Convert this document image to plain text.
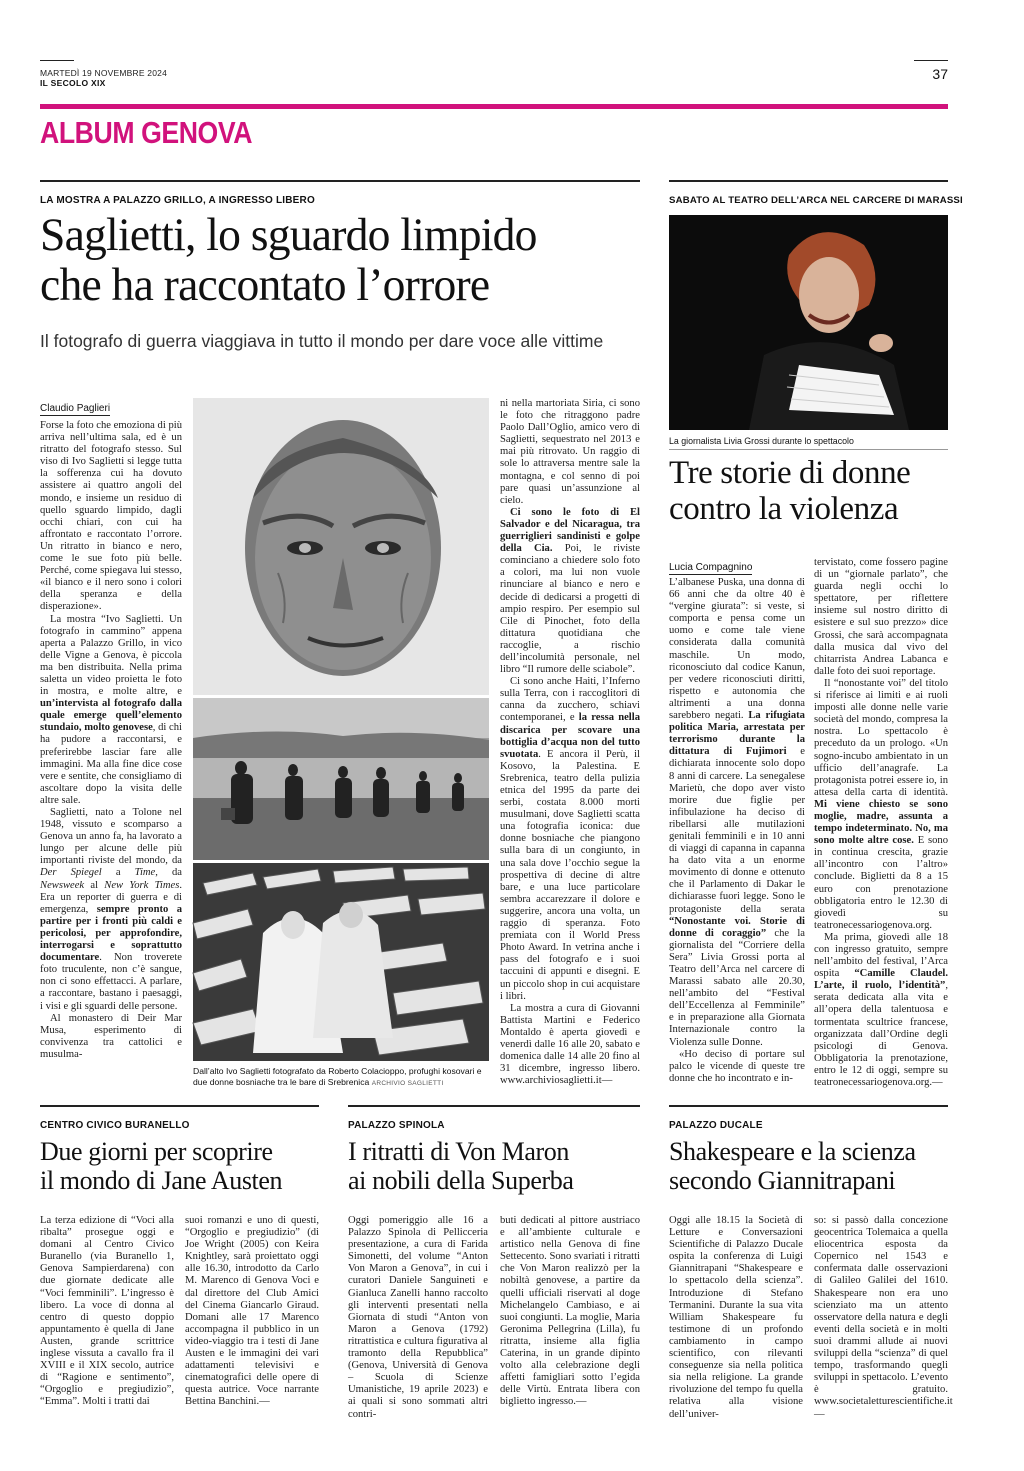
MARTEDÌ 19 NOVEMBRE 2024
IL SECOLO XIX
37
ALBUM GENOVA
LA MOSTRA A PALAZZO GRILLO, A INGRESSO LIBERO
Saglietti, lo sguardo limpido
che ha raccontato l’orrore
Il fotografo di guerra viaggiava in tutto il mondo per dare voce alle vittime
Claudio Paglieri

Forse la foto che emoziona di più arriva nell’ultima sala, ed è un ritratto del fotografo stesso. Sul viso di Ivo Saglietti si legge tutta la sofferenza cui ha dovuto assistere ai quattro angoli del mondo, e insieme un residuo di quello sguardo limpido, dagli occhi chiari, con cui ha affrontato e raccontato l’orrore. Un ritratto in bianco e nero, come le sue foto più belle. Perché, come spiegava lui stesso, «il bianco e il nero sono i colori della speranza e della disperazione».

La mostra “Ivo Saglietti. Un fotografo in cammino” appena aperta a Palazzo Grillo, in vico delle Vigne a Genova, è piccola ma ben distribuita. Nella prima saletta un video proietta le foto in mostra, e molte altre, e un’intervista al fotografo dalla quale emerge quell’elemento stundaio, molto genovese, di chi ha pudore a raccontarsi, e preferirebbe lasciar fare alle immagini. Ma alla fine dice cose vere e sentite, che consigliamo di ascoltare dopo la visita delle altre sale.

Saglietti, nato a Tolone nel 1948, vissuto e scomparso a Genova un anno fa, ha lavorato a lungo per alcune delle più importanti riviste del mondo, da Der Spiegel a Time, da Newsweek al New York Times. Era un reporter di guerra e di emergenza, sempre pronto a partire per i fronti più caldi e pericolosi, per approfondire, interrogarsi e soprattutto documentare. Non troverete foto truculente, non c’è sangue, non ci sono effettacci. A parlare, a raccontare, bastano i paesaggi, i visi e gli sguardi delle persone.

Al monastero di Deir Mar Musa, esperimento di convivenza tra cattolici e musulma-

Dall’alto Ivo Saglietti fotografato da Roberto Colacioppo, profughi kosovari e due donne bosniache tra le bare di Srebrenica ARCHIVIO SAGLIETTI

ni nella martoriata Siria, ci sono le foto che ritraggono padre Paolo Dall’Oglio, amico vero di Saglietti, sequestrato nel 2013 e mai più ritrovato. Un raggio di sole lo attraversa mentre sale la montagna, e col senno di poi pare quasi un’assunzione al cielo.

Ci sono le foto di El Salvador e del Nicaragua, tra guerriglieri sandinisti e golpe della Cia. Poi, le riviste cominciano a chiedere solo foto a colori, ma lui non vuole rinunciare al bianco e nero e decide di dedicarsi a progetti di ampio respiro. Per esempio sul Cile di Pinochet, foto della dittatura quotidiana che raccoglie, a rischio dell’incolumità personale, nel libro “Il rumore delle sciabole”.

Ci sono anche Haiti, l’Inferno sulla Terra, con i raccoglitori di canna da zucchero, schiavi contemporanei, e la ressa nella discarica per scovare una bottiglia d’acqua non del tutto svuotata. E ancora il Perù, il Kosovo, la Palestina. E Srebrenica, teatro della pulizia etnica del 1995 da parte dei serbi, costata 8.000 morti musulmani, dove Saglietti scatta una fotografia iconica: due donne bosniache che piangono sulla bara di un congiunto, in una sala dove l’occhio segue la prospettiva di decine di altre bare, e una luce particolare sembra accarezzare il dolore e suggerire, ancora una volta, un raggio di speranza. Foto premiata con il World Press Photo Award. In vetrina anche i pass del fotografo e i suoi taccuini di appunti e disegni. E un piccolo shop in cui acquistare i libri.

La mostra a cura di Giovanni Battista Martini e Federico Montaldo è aperta giovedì e venerdì dalle 16 alle 20, sabato e domenica dalle 14 alle 20 fino al 31 dicembre, ingresso libero. www.archiviosaglietti.it—

SABATO AL TEATRO DELL’ARCA NEL CARCERE DI MARASSI
La giornalista Livia Grossi durante lo spettacolo
Tre storie di donne
contro la violenza
Lucia Compagnino

L’albanese Puska, una donna di 66 anni che da oltre 40 è “vergine giurata”: si veste, si comporta e pensa come un uomo e come tale viene considerata dalla comunità maschile. Un modo, riconosciuto dal codice Kanun, per vedere riconosciuti diritti, rispetto e autonomia che altrimenti a una donna sarebbero negati. La rifugiata politica Maria, arrestata per terrorismo durante la dittatura di Fujimori e dichiarata innocente solo dopo 8 anni di carcere. La senegalese Marietù, che dopo aver visto morire due figlie per infibulazione ha deciso di ribellarsi alle mutilazioni genitali femminili e in 10 anni di viaggi di capanna in capanna ha dato vita a un enorme movimento di donne e ottenuto che il Parlamento di Dakar le dichiarasse fuori legge. Sono le protagoniste della serata “Nonostante voi. Storie di donne di coraggio” che la giornalista del “Corriere della Sera” Livia Grossi porta al Teatro dell’Arca nel carcere di Marassi sabato alle 20.30, nell’ambito del “Festival dell’Eccellenza al Femminile” e in preparazione alla Giornata Internazionale contro la Violenza sulle Donne.

«Ho deciso di portare sul palco le vicende di queste tre donne che ho incontrato e in-

tervistato, come fossero pagine di un “giornale parlato”, che guarda negli occhi lo spettatore, per riflettere insieme sul nostro diritto di esistere e sul suo prezzo» dice Grossi, che sarà accompagnata dalla musica dal vivo del chitarrista Andrea Labanca e dalle foto dei suoi reportage.

Il “nonostante voi” del titolo si riferisce ai limiti e ai ruoli imposti alle donne nelle varie società del mondo, compresa la nostra. Lo spettacolo è preceduto da un prologo. «Un sogno-incubo ambientato in un ufficio dell’anagrafe. La protagonista potrei essere io, in attesa della carta di identità. Mi viene chiesto se sono moglie, madre, assunta a tempo indeterminato. No, ma sono molte altre cose. E sono in continua crescita, grazie all’incontro con l’altro» conclude. Biglietti da 8 a 15 euro con prenotazione obbligatoria entro le 12.30 di giovedì su teatronecessariogenova.org.

Ma prima, giovedì alle 18 con ingresso gratuito, sempre nell’ambito del festival, l’Arca ospita “Camille Claudel. L’arte, il ruolo, l’identità”, serata dedicata alla vita e all’opera della talentuosa e tormentata scultrice francese, organizzata dall’Ordine degli psicologi di Genova. Obbligatoria la prenotazione, entro le 12 di oggi, sempre su teatronecessariogenova.org.—

CENTRO CIVICO BURANELLO
Due giorni per scoprire
il mondo di Jane Austen

La terza edizione di “Voci alla ribalta” prosegue oggi e domani al Centro Civico Buranello (via Buranello 1, Genova Sampierdarena) con due giornate dedicate alle “Voci femminili”. L’ingresso è libero. La voce di donna al centro di questo doppio appuntamento è quella di Jane Austen, grande scrittrice inglese vissuta a cavallo fra il XVIII e il XIX secolo, autrice di “Ragione e sentimento”, “Orgoglio e pregiudizio”, “Emma”. Molti i tratti dai

suoi romanzi e uno di questi, “Orgoglio e pregiudizio” (di Joe Wright (2005) con Keira Knightley, sarà proiettato oggi alle 16.30, introdotto da Carlo M. Marenco di Genova Voci e dal direttore del Club Amici del Cinema Giancarlo Giraud. Domani alle 17 Marenco accompagna il pubblico in un video-viaggio tra i testi di Jane Austen e le immagini dei vari adattamenti televisivi e cinematografici delle opere di questa autrice. Voce narrante Bettina Banchini.—

PALAZZO SPINOLA
I ritratti di Von Maron
ai nobili della Superba

Oggi pomeriggio alle 16 a Palazzo Spinola di Pellicceria presentazione, a cura di Farida Simonetti, del volume “Anton Von Maron a Genova”, in cui i curatori Daniele Sanguineti e Gianluca Zanelli hanno raccolto gli interventi presentati nella Giornata di studi “Anton von Maron a Genova (1792) ritrattistica e cultura figurativa al tramonto della Repubblica” (Genova, Università di Genova – Scuola di Scienze Umanistiche, 19 aprile 2023) e ai quali si sono sommati altri contri-

buti dedicati al pittore austriaco e all’ambiente culturale e artistico nella Genova di fine Settecento. Sono svariati i ritratti che Von Maron realizzò per la nobiltà genovese, a partire da quelli ufficiali riservati al doge Michelangelo Cambiaso, e ai suoi congiunti. La moglie, Maria Geronima Pellegrina (Lilla), fu ritratta, insieme alla figlia Caterina, in un grande dipinto volto alla celebrazione degli affetti famigliari sotto l’egida delle Virtù. Entrata libera con biglietto ingresso.—

PALAZZO DUCALE
Shakespeare e la scienza
secondo Giannitrapani

Oggi alle 18.15 la Società di Letture e Conversazioni Scientifiche di Palazzo Ducale ospita la conferenza di Luigi Giannitrapani “Shakespeare e lo spettacolo della scienza”. Introduzione di Stefano Termanini. Durante la sua vita William Shakespeare fu testimone di un profondo cambiamento in campo scientifico, con rilevanti conseguenze sia nella politica sia nella religione. La grande rivoluzione del tempo fu quella relativa alla visione dell’univer-

so: si passò dalla concezione geocentrica Tolemaica a quella eliocentrica esposta da Copernico nel 1543 e confermata dalle osservazioni di Galileo Galilei del 1610. Shakespeare non era uno scienziato ma un attento osservatore della natura e degli eventi della società e in molti suoi drammi allude ai nuovi sviluppi della “scienza” di quel tempo, trasformando quegli sviluppi in spettacolo. L’evento è gratuito. www.societaletturescientifiche.it—
